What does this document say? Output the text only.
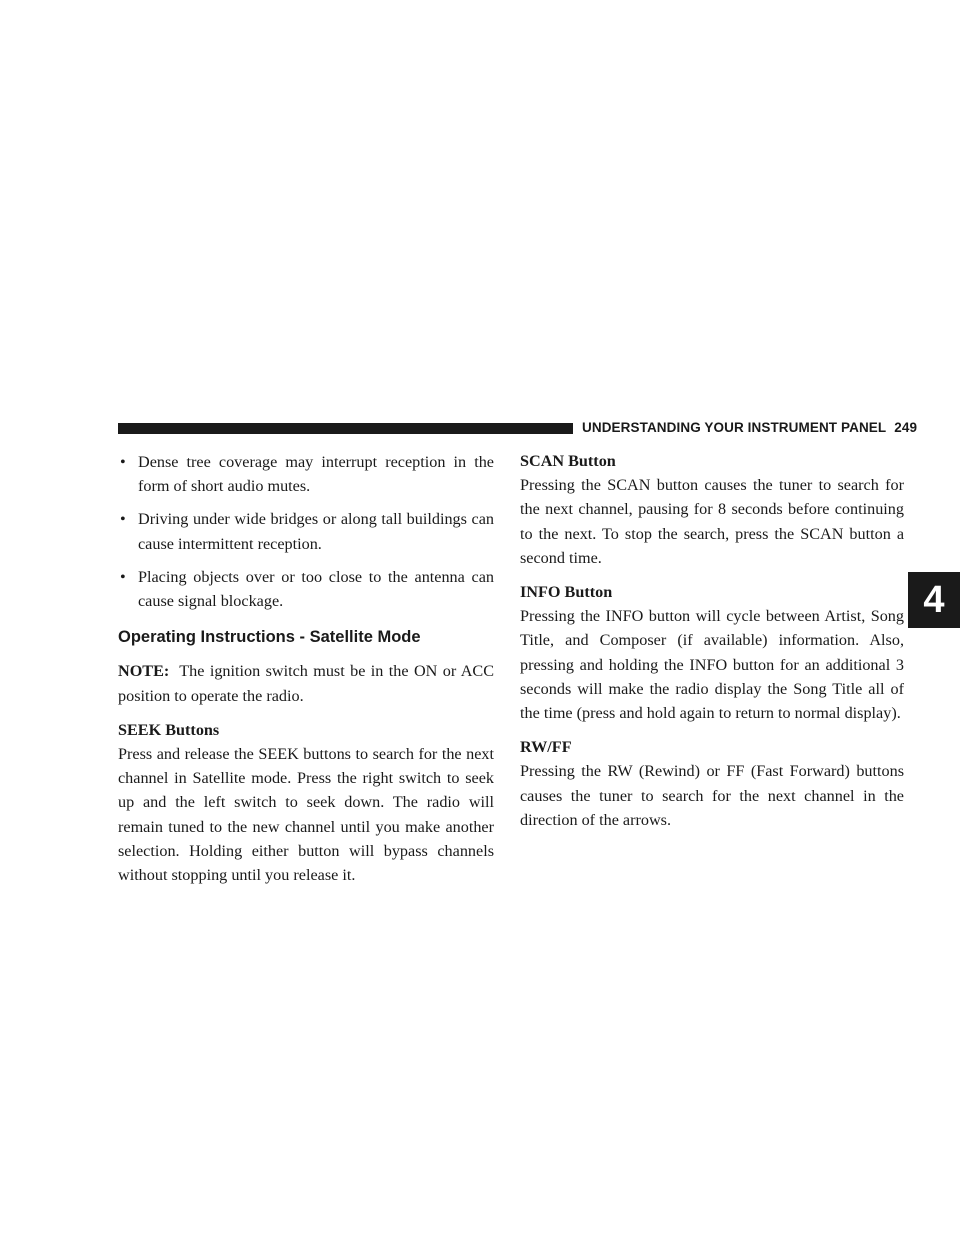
UNDERSTANDING YOUR INSTRUMENT PANEL 249
4
• Dense tree coverage may interrupt reception in the form of short audio mutes.
• Driving under wide bridges or along tall buildings can cause intermittent reception.
• Placing objects over or too close to the antenna can cause signal blockage.
Operating Instructions - Satellite Mode

NOTE: The ignition switch must be in the ON or ACC position to operate the radio.

SEEK Buttons

Press and release the SEEK buttons to search for the next channel in Satellite mode. Press the right switch to seek up and the left switch to seek down. The radio will remain tuned to the new channel until you make another selection. Holding either button will bypass channels without stopping until you release it.

SCAN Button

Pressing the SCAN button causes the tuner to search for the next channel, pausing for 8 seconds before continuing to the next. To stop the search, press the SCAN button a second time.

INFO Button

Pressing the INFO button will cycle between Artist, Song Title, and Composer (if available) information. Also, pressing and holding the INFO button for an additional 3 seconds will make the radio display the Song Title all of the time (press and hold again to return to normal display).

RW/FF

Pressing the RW (Rewind) or FF (Fast Forward) buttons causes the tuner to search for the next channel in the direction of the arrows.
